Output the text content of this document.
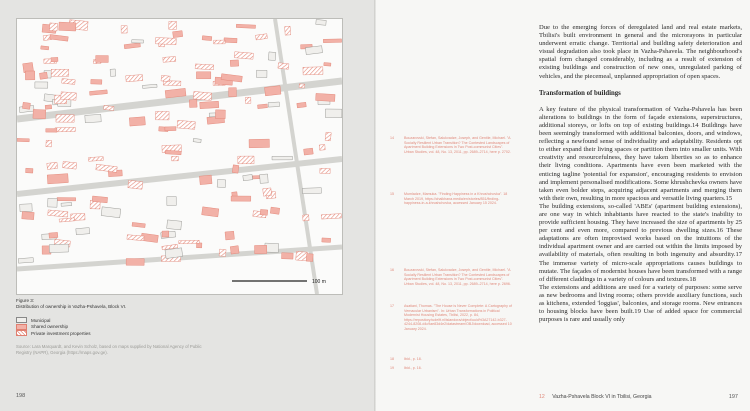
100 m
Figure 3:
Distribution of ownership in Vazha-Pshavela, Block VI.
Municipal
Shared ownership
Private investment properties
Source: Lara Marquardt, and Kevin Scholz, based on maps supplied by National Agency of Public Registry (NAPR), Georgia (https://maps.gov.ge).
198
14	Bouzarovski, Stefan, Salukvadze, Joseph, and Gentile, Michael. "A Socially Resilient Urban Transition? The Contested Landscapes of Apartment Building Extensions in Two Post-communist Cities". Urban Studies, vol. 48, No. 13, 2011, pp. 2689–2714, here p. 2702.
15	Mumladze, Mamuka. "Finding Happiness in a Khrushchovka". 18 March 2019, https://chaikhana.media/en/stories/851/finding-happiness-in-a-khrushchovka, accessed January 15 2024.
16	Bouzarovski, Stefan, Salukvadze, Joseph, and Gentile, Michael. "A Socially Resilient Urban Transition? The Contested Landscapes of Apartment Building Extensions in Two Post-communist Cities". Urban Studies, vol. 48, No. 13, 2011, pp. 2689–2714, here p. 2696.
17	Asatiani, Thomas. "The House is Never Complete: A Cartography of Vernacular Urbanism". In: Urban Transformations in Political Modernist Housing Estates, Tbilisi, 2022, p. 84, https://repository.tudelft.nl/islandora/object/uuid%3A27142-b327-4244-8208-d4c9ae83d4e2/datastream/OBJ/download, accessed 10 January 2024.
18	Ibid., p. 18.
19	Ibid., p. 16.

Due to the emerging forces of deregulated land and real estate markets, Tbilisi's built environment in general and the microrayons in particular underwent erratic change. Territorial and building safety deterioration and visual degradation also took place in Vazha-Pshavela. The neighbourhood's spatial form changed considerably, including as a result of extension of existing buildings and construction of new ones, unregulated parking of vehicles, and the piecemeal, unplanned appropriation of open spaces.

Transformation of buildings

A key feature of the physical transformation of Vazha-Pshavela has been alterations to buildings in the form of façade extensions, superstructures, additional storeys, or lofts on top of existing buildings.14 Buildings have been seemingly transformed with additional balconies, doors, and windows, reflecting a newfound sense of individuality and adaptability. Residents opt to either expand their living spaces or partition them into smaller units. With creativity and resourcefulness, they have taken liberties so as to enhance their living conditions. Apartments have even been marketed with the enticing tagline 'potential for expansion', encouraging residents to envision and implement personalised modifications. Some khrushchevka owners have taken even bolder steps, acquiring adjacent apartments and merging them with their own, resulting in more spacious and versatile living quarters.15

The building extensions, so-called 'ABEs' (apartment building extensions), are one way in which inhabitants have reacted to the state's inability to provide sufficient housing. They have increased the size of apartments by 25 per cent and even more, compared to previous dwelling sizes.16 These adaptations are often improvised works based on the intuitions of the individual apartment owner and are carried out within the limits imposed by availability of materials, often resulting in both ingenuity and absurdity.17 The immense variety of micro-scale appropriations causes buildings to mutate. The façades of modernist houses have been transformed with a range of different claddings in a variety of colours and textures.18

The extensions and additions are used for a variety of purposes: some serve as new bedrooms and living rooms; others provide auxiliary functions, such as kitchens, extended 'loggias', balconies, and storage rooms. New entrances to housing blocks have been built.19 Use of added space for commercial purposes is rare and usually only

12 Vazha-Pshavela Block VI in Tbilisi, Georgia	197
